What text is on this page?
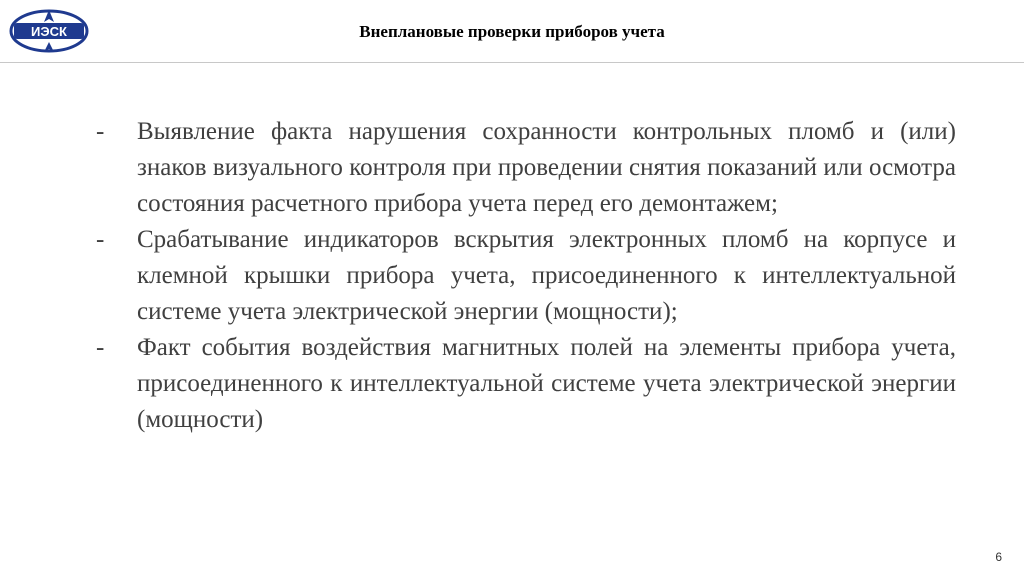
ИЭСК	Внеплановые проверки приборов учета
- Выявление факта нарушения сохранности контрольных пломб и (или) знаков визуального контроля при проведении снятия показаний или осмотра состояния расчетного прибора учета перед его демонтажем;
- Срабатывание индикаторов вскрытия электронных пломб на корпусе и клемной крышки прибора учета, присоединенного к интеллектуальной системе учета электрической энергии (мощности);
- Факт события воздействия магнитных полей на элементы прибора учета, присоединенного к интеллектуальной системе учета электрической энергии (мощности)
6
